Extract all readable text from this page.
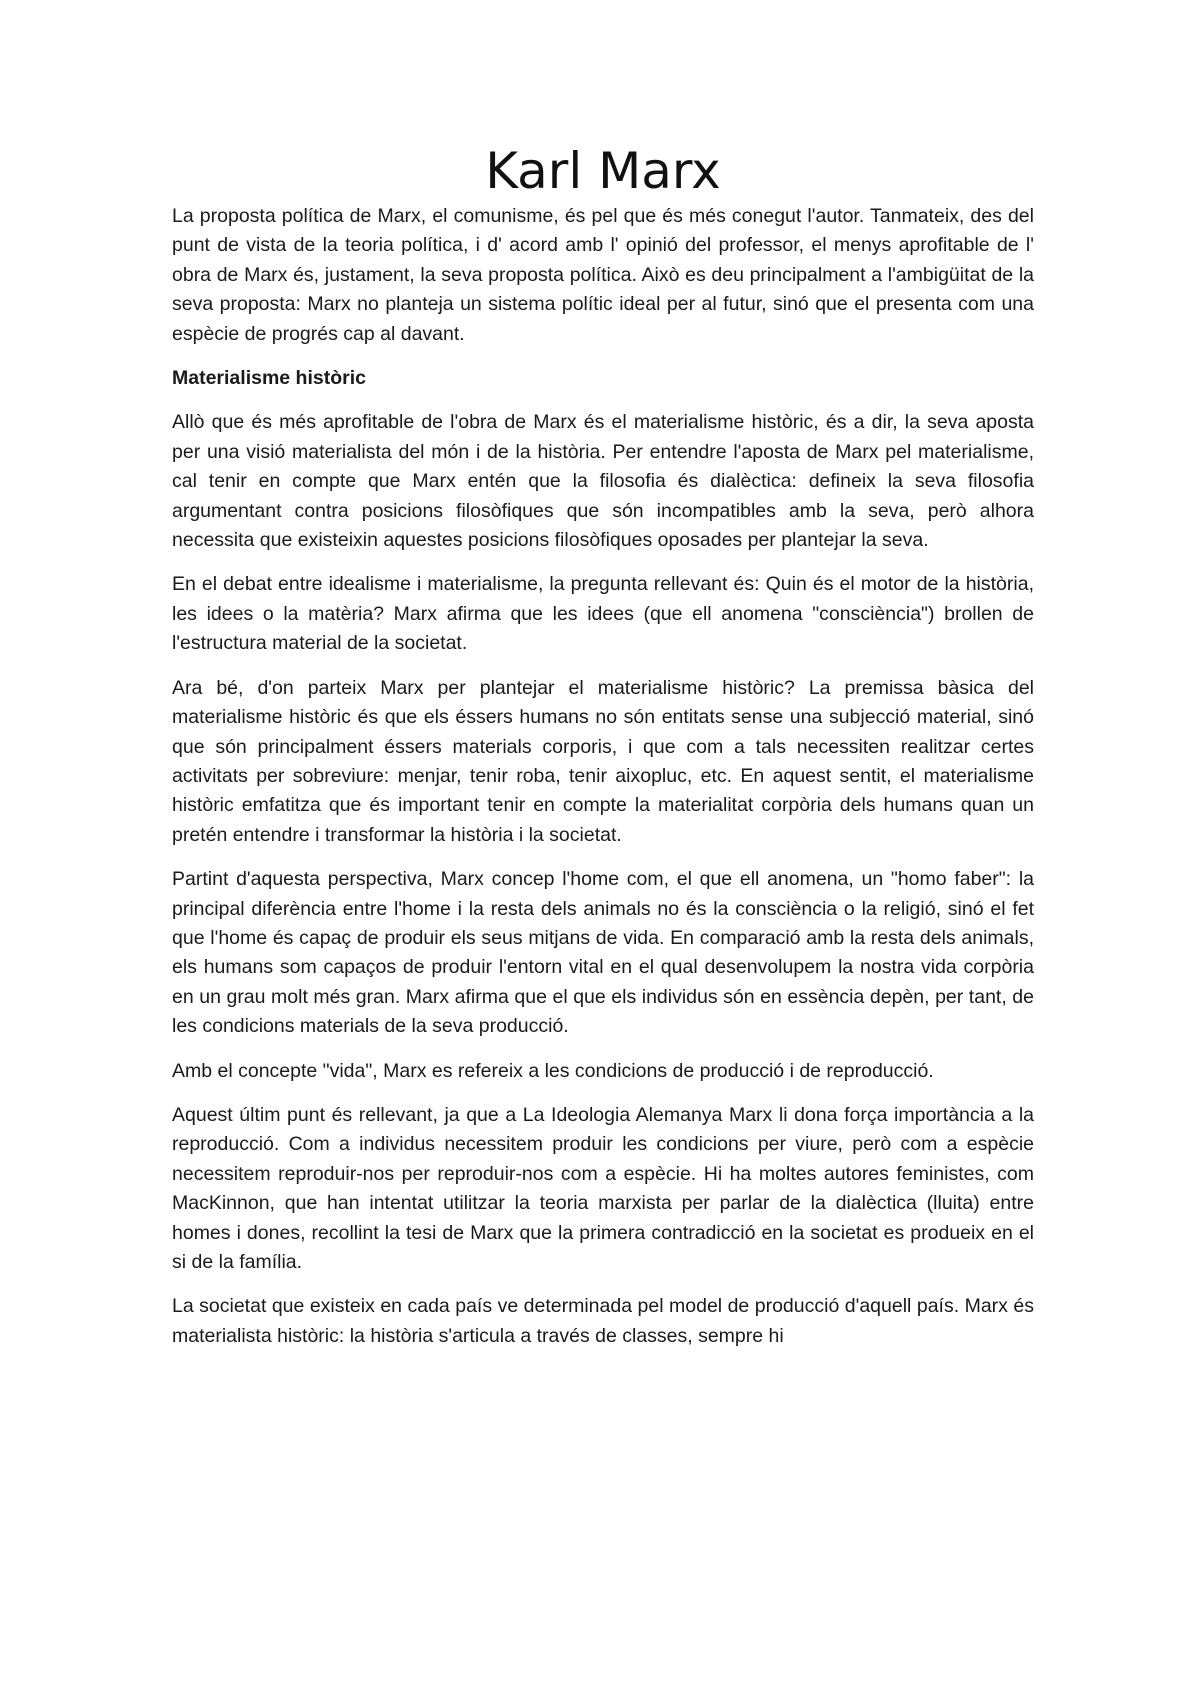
Karl Marx

La proposta política de Marx, el comunisme, és pel que és més conegut l'autor. Tanmateix, des del punt de vista de la teoria política, i d' acord amb l' opinió del professor, el menys aprofitable de l' obra de Marx és, justament, la seva proposta política. Això es deu principalment a l'ambigüitat de la seva proposta: Marx no planteja un sistema polític ideal per al futur, sinó que el presenta com una espècie de progrés cap al davant.

Materialisme històric

Allò que és més aprofitable de l'obra de Marx és el materialisme històric, és a dir, la seva aposta per una visió materialista del món i de la història. Per entendre l'aposta de Marx pel materialisme, cal tenir en compte que Marx entén que la filosofia és dialèctica: defineix la seva filosofia argumentant contra posicions filosòfiques que són incompatibles amb la seva, però alhora necessita que existeixin aquestes posicions filosòfiques oposades per plantejar la seva.

En el debat entre idealisme i materialisme, la pregunta rellevant és: Quin és el motor de la història, les idees o la matèria? Marx afirma que les idees (que ell anomena "consciència") brollen de l'estructura material de la societat.

Ara bé, d'on parteix Marx per plantejar el materialisme històric? La premissa bàsica del materialisme històric és que els éssers humans no són entitats sense una subjecció material, sinó que són principalment éssers materials corporis, i que com a tals necessiten realitzar certes activitats per sobreviure: menjar, tenir roba, tenir aixopluc, etc. En aquest sentit, el materialisme històric emfatitza que és important tenir en compte la materialitat corpòria dels humans quan un pretén entendre i transformar la història i la societat.

Partint d'aquesta perspectiva, Marx concep l'home com, el que ell anomena, un "homo faber": la principal diferència entre l'home i la resta dels animals no és la consciència o la religió, sinó el fet que l'home és capaç de produir els seus mitjans de vida. En comparació amb la resta dels animals, els humans som capaços de produir l'entorn vital en el qual desenvolupem la nostra vida corpòria en un grau molt més gran. Marx afirma que el que els individus són en essència depèn, per tant, de les condicions materials de la seva producció.

Amb el concepte "vida", Marx es refereix a les condicions de producció i de reproducció.

Aquest últim punt és rellevant, ja que a La Ideologia Alemanya Marx li dona força importància a la reproducció. Com a individus necessitem produir les condicions per viure, però com a espècie necessitem reproduir-nos per reproduir-nos com a espècie. Hi ha moltes autores feministes, com MacKinnon, que han intentat utilitzar la teoria marxista per parlar de la dialèctica (lluita) entre homes i dones, recollint la tesi de Marx que la primera contradicció en la societat es produeix en el si de la família.

La societat que existeix en cada país ve determinada pel model de producció d'aquell país. Marx és materialista històric: la història s'articula a través de classes, sempre hi
